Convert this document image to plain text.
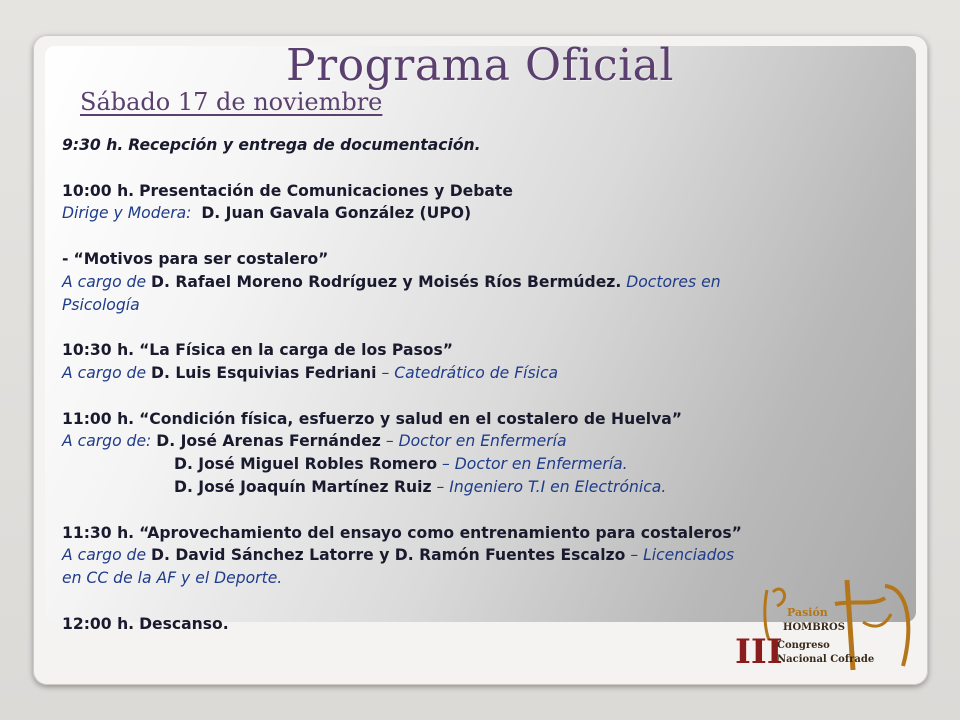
Programa Oficial
Sábado 17 de noviembre
9:30 h. Recepción y entrega de documentación.
10:00 h. Presentación de Comunicaciones y Debate
Dirige y Modera: D. Juan Gavala González (UPO)
- “Motivos para ser costalero”
A cargo de D. Rafael Moreno Rodríguez y Moisés Ríos Bermúdez. Doctores en
Psicología
10:30 h. “La Física en la carga de los Pasos”
A cargo de D. Luis Esquivias Fedriani – Catedrático de Física
11:00 h. “Condición física, esfuerzo y salud en el costalero de Huelva”
A cargo de: D. José Arenas Fernández – Doctor en Enfermería
D. José Miguel Robles Romero – Doctor en Enfermería.
D. José Joaquín Martínez Ruiz – Ingeniero T.I en Electrónica.
11:30 h. “Aprovechamiento del ensayo como entrenamiento para costaleros”
A cargo de D. David Sánchez Latorre y D. Ramón Fuentes Escalzo – Licenciados
en CC de la AF y el Deporte.
12:00 h. Descanso.
Pasión
HOMBROS
III
Congreso
Nacional Cofrade
